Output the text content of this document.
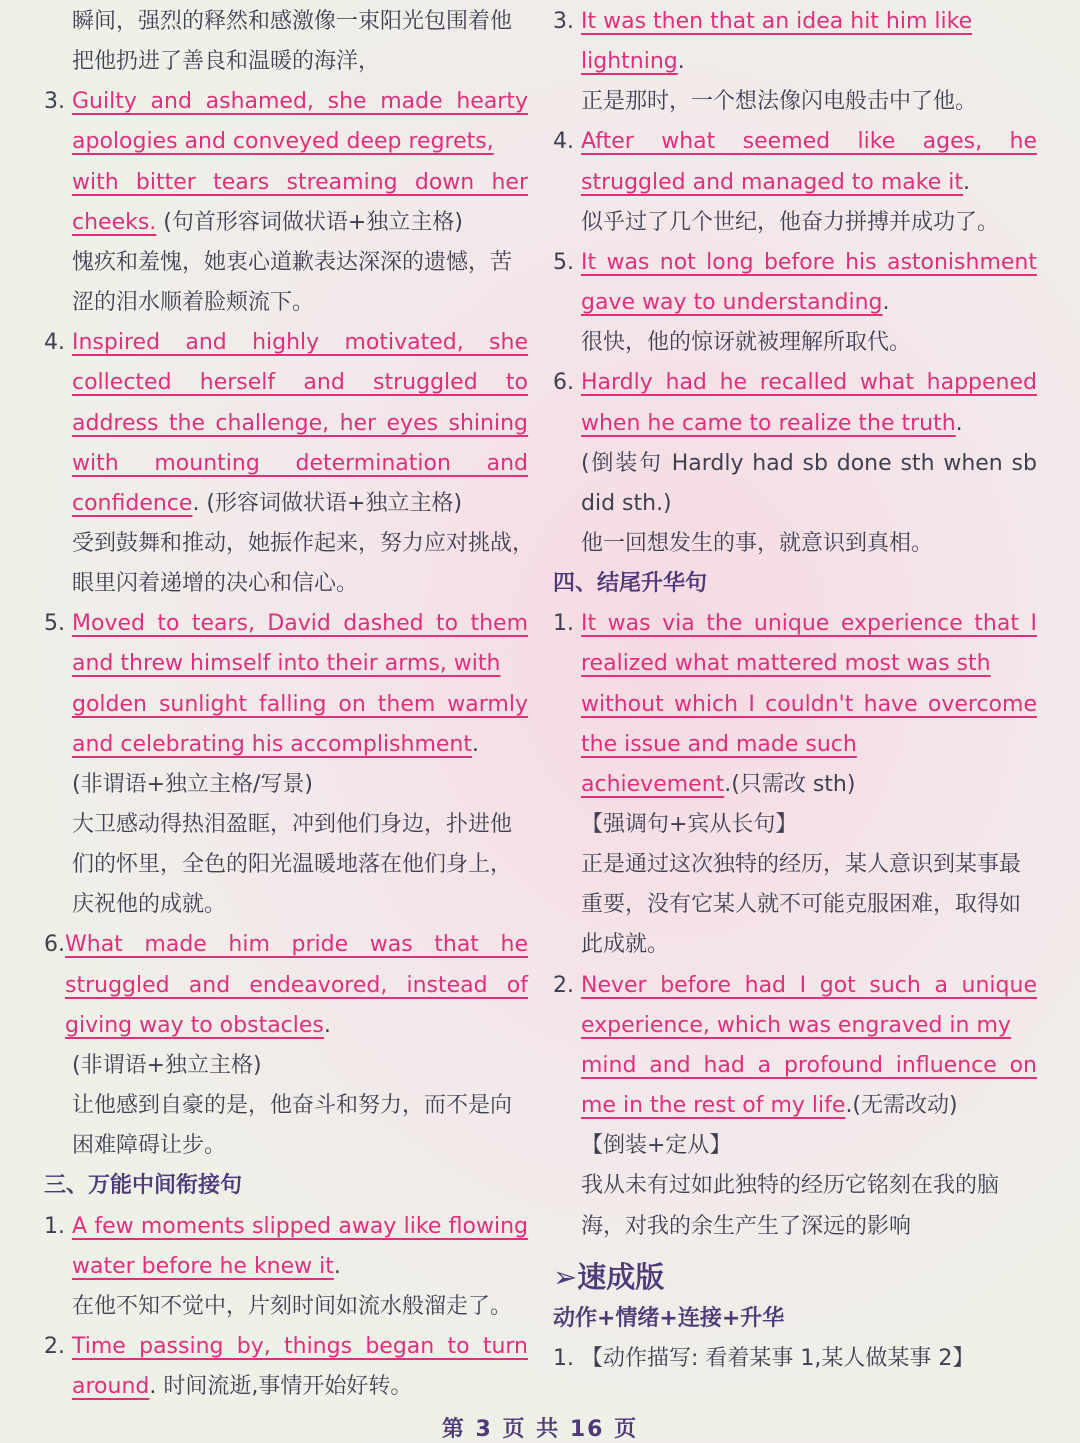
瞬间，强烈的释然和感激像一束阳光包围着他
把他扔进了善良和温暖的海洋，
3. Guilty and ashamed, she made hearty
apologies and conveyed deep regrets,
with bitter tears streaming down her
cheeks. (句首形容词做状语+独立主格)
愧疚和羞愧，她衷心道歉表达深深的遗憾，苦
涩的泪水顺着脸颊流下。
4. Inspired and highly motivated, she
collected herself and struggled to
address the challenge, her eyes shining
with mounting determination and
confidence. (形容词做状语+独立主格)
受到鼓舞和推动，她振作起来，努力应对挑战，
眼里闪着递增的决心和信心。
5. Moved to tears, David dashed to them
and threw himself into their arms, with
golden sunlight falling on them warmly
and celebrating his accomplishment.
(非谓语+独立主格/写景)
大卫感动得热泪盈眶，冲到他们身边，扑进他
们的怀里，全色的阳光温暖地落在他们身上，
庆祝他的成就。
6. What made him pride was that he
struggled and endeavored, instead of
giving way to obstacles.
(非谓语+独立主格)
让他感到自豪的是，他奋斗和努力，而不是向
困难障碍让步。
三、万能中间衔接句
1. A few moments slipped away like flowing
water before he knew it.
在他不知不觉中，片刻时间如流水般溜走了。
2. Time passing by, things began to turn
around. 时间流逝,事情开始好转。
3. It was then that an idea hit him like
lightning.
正是那时，一个想法像闪电般击中了他。
4. After what seemed like ages, he
struggled and managed to make it.
似乎过了几个世纪，他奋力拼搏并成功了。
5. It was not long before his astonishment
gave way to understanding.
很快，他的惊讶就被理解所取代。
6. Hardly had he recalled what happened
when he came to realize the truth.
(倒装句 Hardly had sb done sth when sb
did sth.)
他一回想发生的事，就意识到真相。
四、结尾升华句
1. It was via the unique experience that I
realized what mattered most was sth
without which I couldn't have overcome
the issue and made such
achievement.(只需改 sth)
【强调句+宾从长句】
正是通过这次独特的经历，某人意识到某事最
重要，没有它某人就不可能克服困难，取得如
此成就。
2. Never before had I got such a unique
experience, which was engraved in my
mind and had a profound influence on
me in the rest of my life.(无需改动)
【倒装+定从】
我从未有过如此独特的经历它铭刻在我的脑
海，对我的余生产生了深远的影响
➢速成版
动作+情绪+连接+升华
1. 【动作描写: 看着某事 1,某人做某事 2】
第 3 页 共 16 页
